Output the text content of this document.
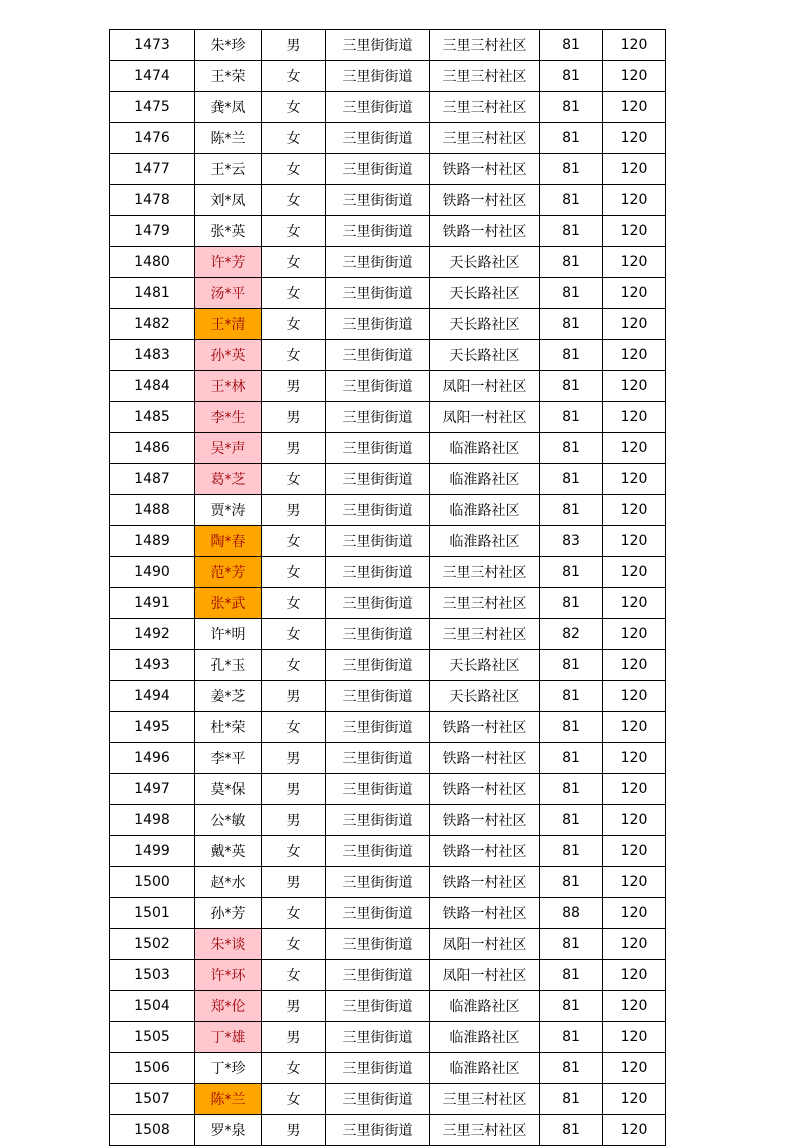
1473	朱*珍	男	三里街街道	三里三村社区	81	120
1474	王*荣	女	三里街街道	三里三村社区	81	120
1475	龚*凤	女	三里街街道	三里三村社区	81	120
1476	陈*兰	女	三里街街道	三里三村社区	81	120
1477	王*云	女	三里街街道	铁路一村社区	81	120
1478	刘*凤	女	三里街街道	铁路一村社区	81	120
1479	张*英	女	三里街街道	铁路一村社区	81	120
1480	许*芳	女	三里街街道	天长路社区	81	120
1481	汤*平	女	三里街街道	天长路社区	81	120
1482	王*清	女	三里街街道	天长路社区	81	120
1483	孙*英	女	三里街街道	天长路社区	81	120
1484	王*林	男	三里街街道	凤阳一村社区	81	120
1485	李*生	男	三里街街道	凤阳一村社区	81	120
1486	吴*声	男	三里街街道	临淮路社区	81	120
1487	葛*芝	女	三里街街道	临淮路社区	81	120
1488	贾*涛	男	三里街街道	临淮路社区	81	120
1489	陶*春	女	三里街街道	临淮路社区	83	120
1490	范*芳	女	三里街街道	三里三村社区	81	120
1491	张*武	女	三里街街道	三里三村社区	81	120
1492	许*明	女	三里街街道	三里三村社区	82	120
1493	孔*玉	女	三里街街道	天长路社区	81	120
1494	姜*芝	男	三里街街道	天长路社区	81	120
1495	杜*荣	女	三里街街道	铁路一村社区	81	120
1496	李*平	男	三里街街道	铁路一村社区	81	120
1497	莫*保	男	三里街街道	铁路一村社区	81	120
1498	公*敏	男	三里街街道	铁路一村社区	81	120
1499	戴*英	女	三里街街道	铁路一村社区	81	120
1500	赵*水	男	三里街街道	铁路一村社区	81	120
1501	孙*芳	女	三里街街道	铁路一村社区	88	120
1502	朱*谈	女	三里街街道	凤阳一村社区	81	120
1503	许*环	女	三里街街道	凤阳一村社区	81	120
1504	郑*伦	男	三里街街道	临淮路社区	81	120
1505	丁*雄	男	三里街街道	临淮路社区	81	120
1506	丁*珍	女	三里街街道	临淮路社区	81	120
1507	陈*兰	女	三里街街道	三里三村社区	81	120
1508	罗*泉	男	三里街街道	三里三村社区	81	120
